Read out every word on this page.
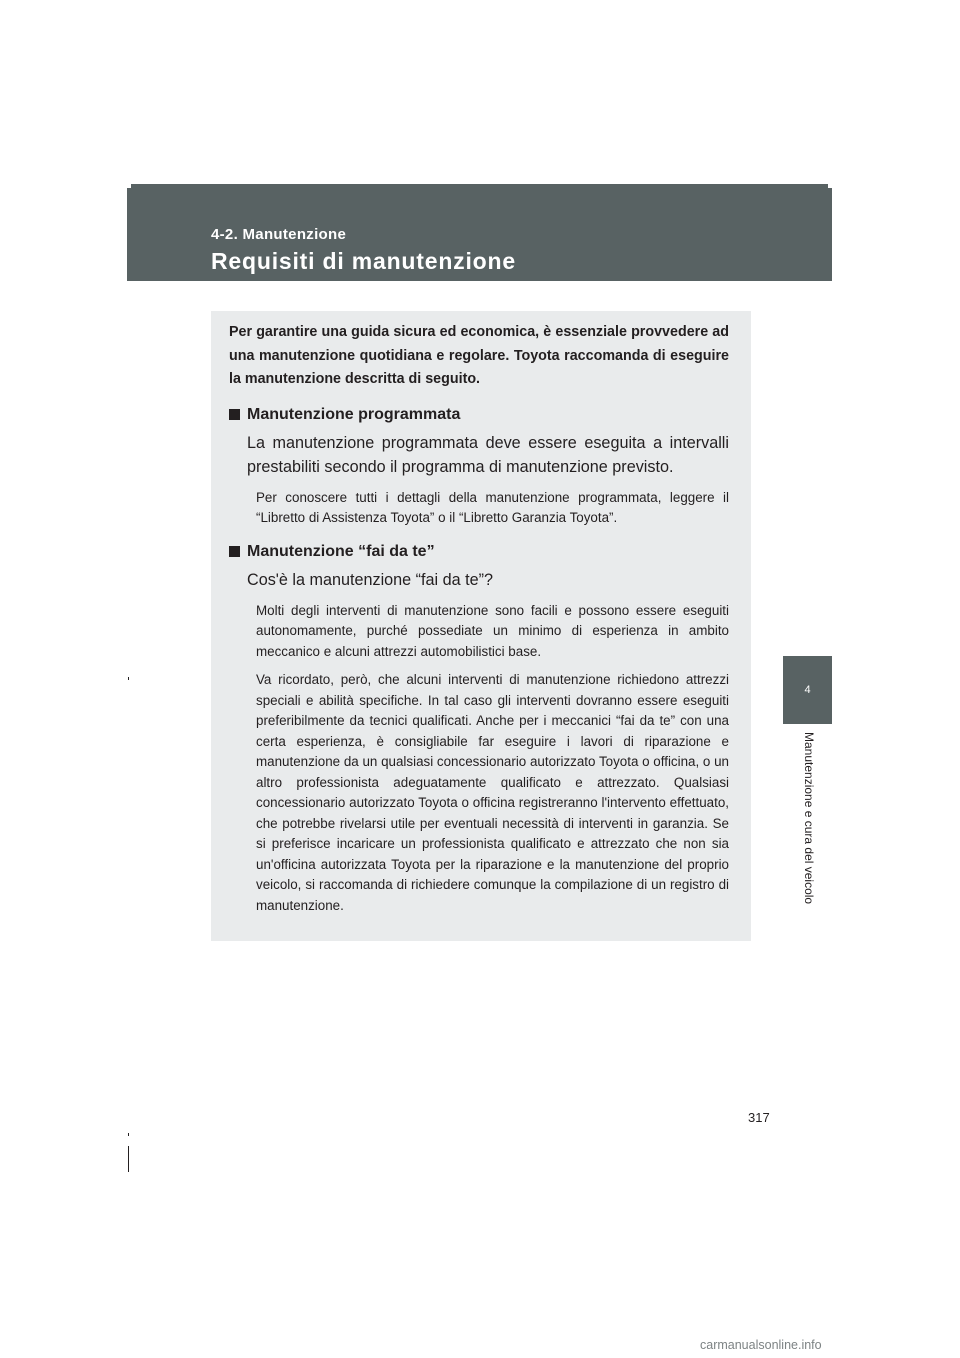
4-2. Manutenzione
Requisiti di manutenzione

Per garantire una guida sicura ed economica, è essenziale provvedere ad una manutenzione quotidiana e regolare. Toyota raccomanda di eseguire la manutenzione descritta di seguito.

Manutenzione programmata

La manutenzione programmata deve essere eseguita a intervalli prestabiliti secondo il programma di manutenzione previsto.

Per conoscere tutti i dettagli della manutenzione programmata, leggere il “Libretto di Assistenza Toyota” o il “Libretto Garanzia Toyota”.

Manutenzione “fai da te”

Cos'è la manutenzione “fai da te”?

Molti degli interventi di manutenzione sono facili e possono essere eseguiti autonomamente, purché possediate un minimo di esperienza in ambito meccanico e alcuni attrezzi automobilistici base.

Va ricordato, però, che alcuni interventi di manutenzione richiedono attrezzi speciali e abilità specifiche. In tal caso gli interventi dovranno essere eseguiti preferibilmente da tecnici qualificati. Anche per i meccanici “fai da te” con una certa esperienza, è consigliabile far eseguire i lavori di riparazione e manutenzione da un qualsiasi concessionario autorizzato Toyota o officina, o un altro professionista adeguatamente qualificato e attrezzato. Qualsiasi concessionario autorizzato Toyota o officina registreranno l'intervento effettuato, che potrebbe rivelarsi utile per eventuali necessità di interventi in garanzia. Se si preferisce incaricare un professionista qualificato e attrezzato che non sia un'officina autorizzata Toyota per la riparazione e la manutenzione del proprio veicolo, si raccomanda di richiedere comunque la compilazione di un registro di manutenzione.

4
Manutenzione e cura del veicolo
317
carmanualsonline.info
